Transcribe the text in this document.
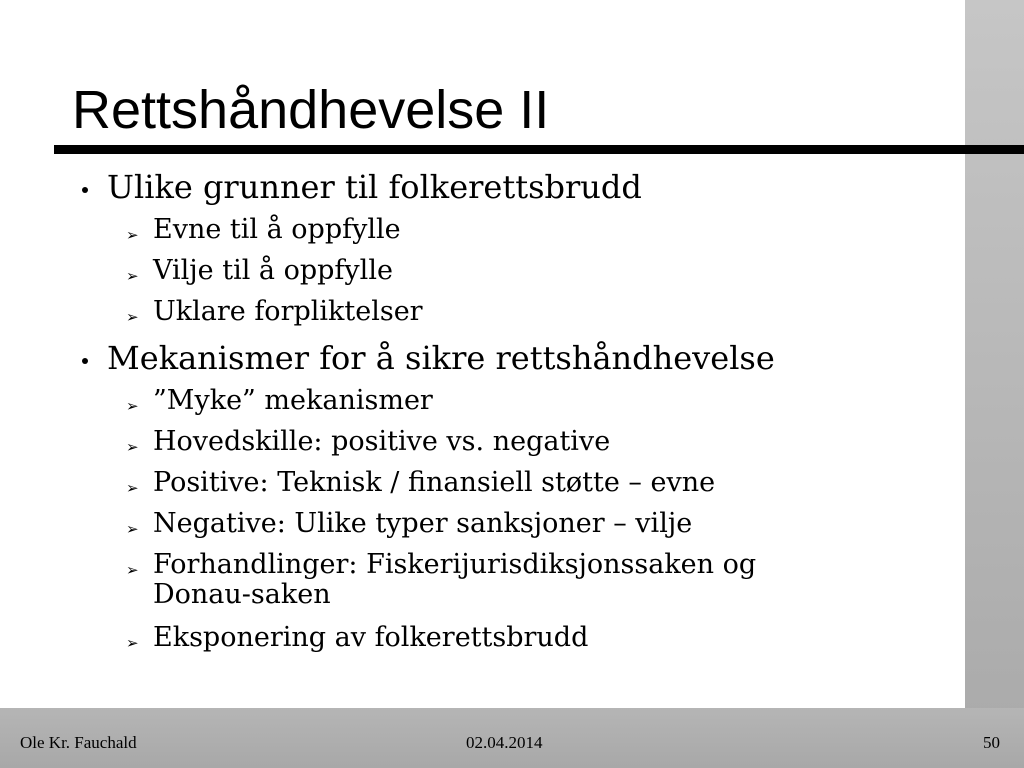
Rettshåndhevelse II
Ulike grunner til folkerettsbrudd
➢ Evne til å oppfylle
➢ Vilje til å oppfylle
➢ Uklare forpliktelser
Mekanismer for å sikre rettshåndhevelse
➢ ”Myke” mekanismer
➢ Hovedskille: positive vs. negative
➢ Positive: Teknisk / finansiell støtte – evne
➢ Negative: Ulike typer sanksjoner – vilje
➢ Forhandlinger: Fiskerijurisdiksjonssaken og Donau-saken
➢ Eksponering av folkerettsbrudd
Ole Kr. Fauchald	02.04.2014	50
